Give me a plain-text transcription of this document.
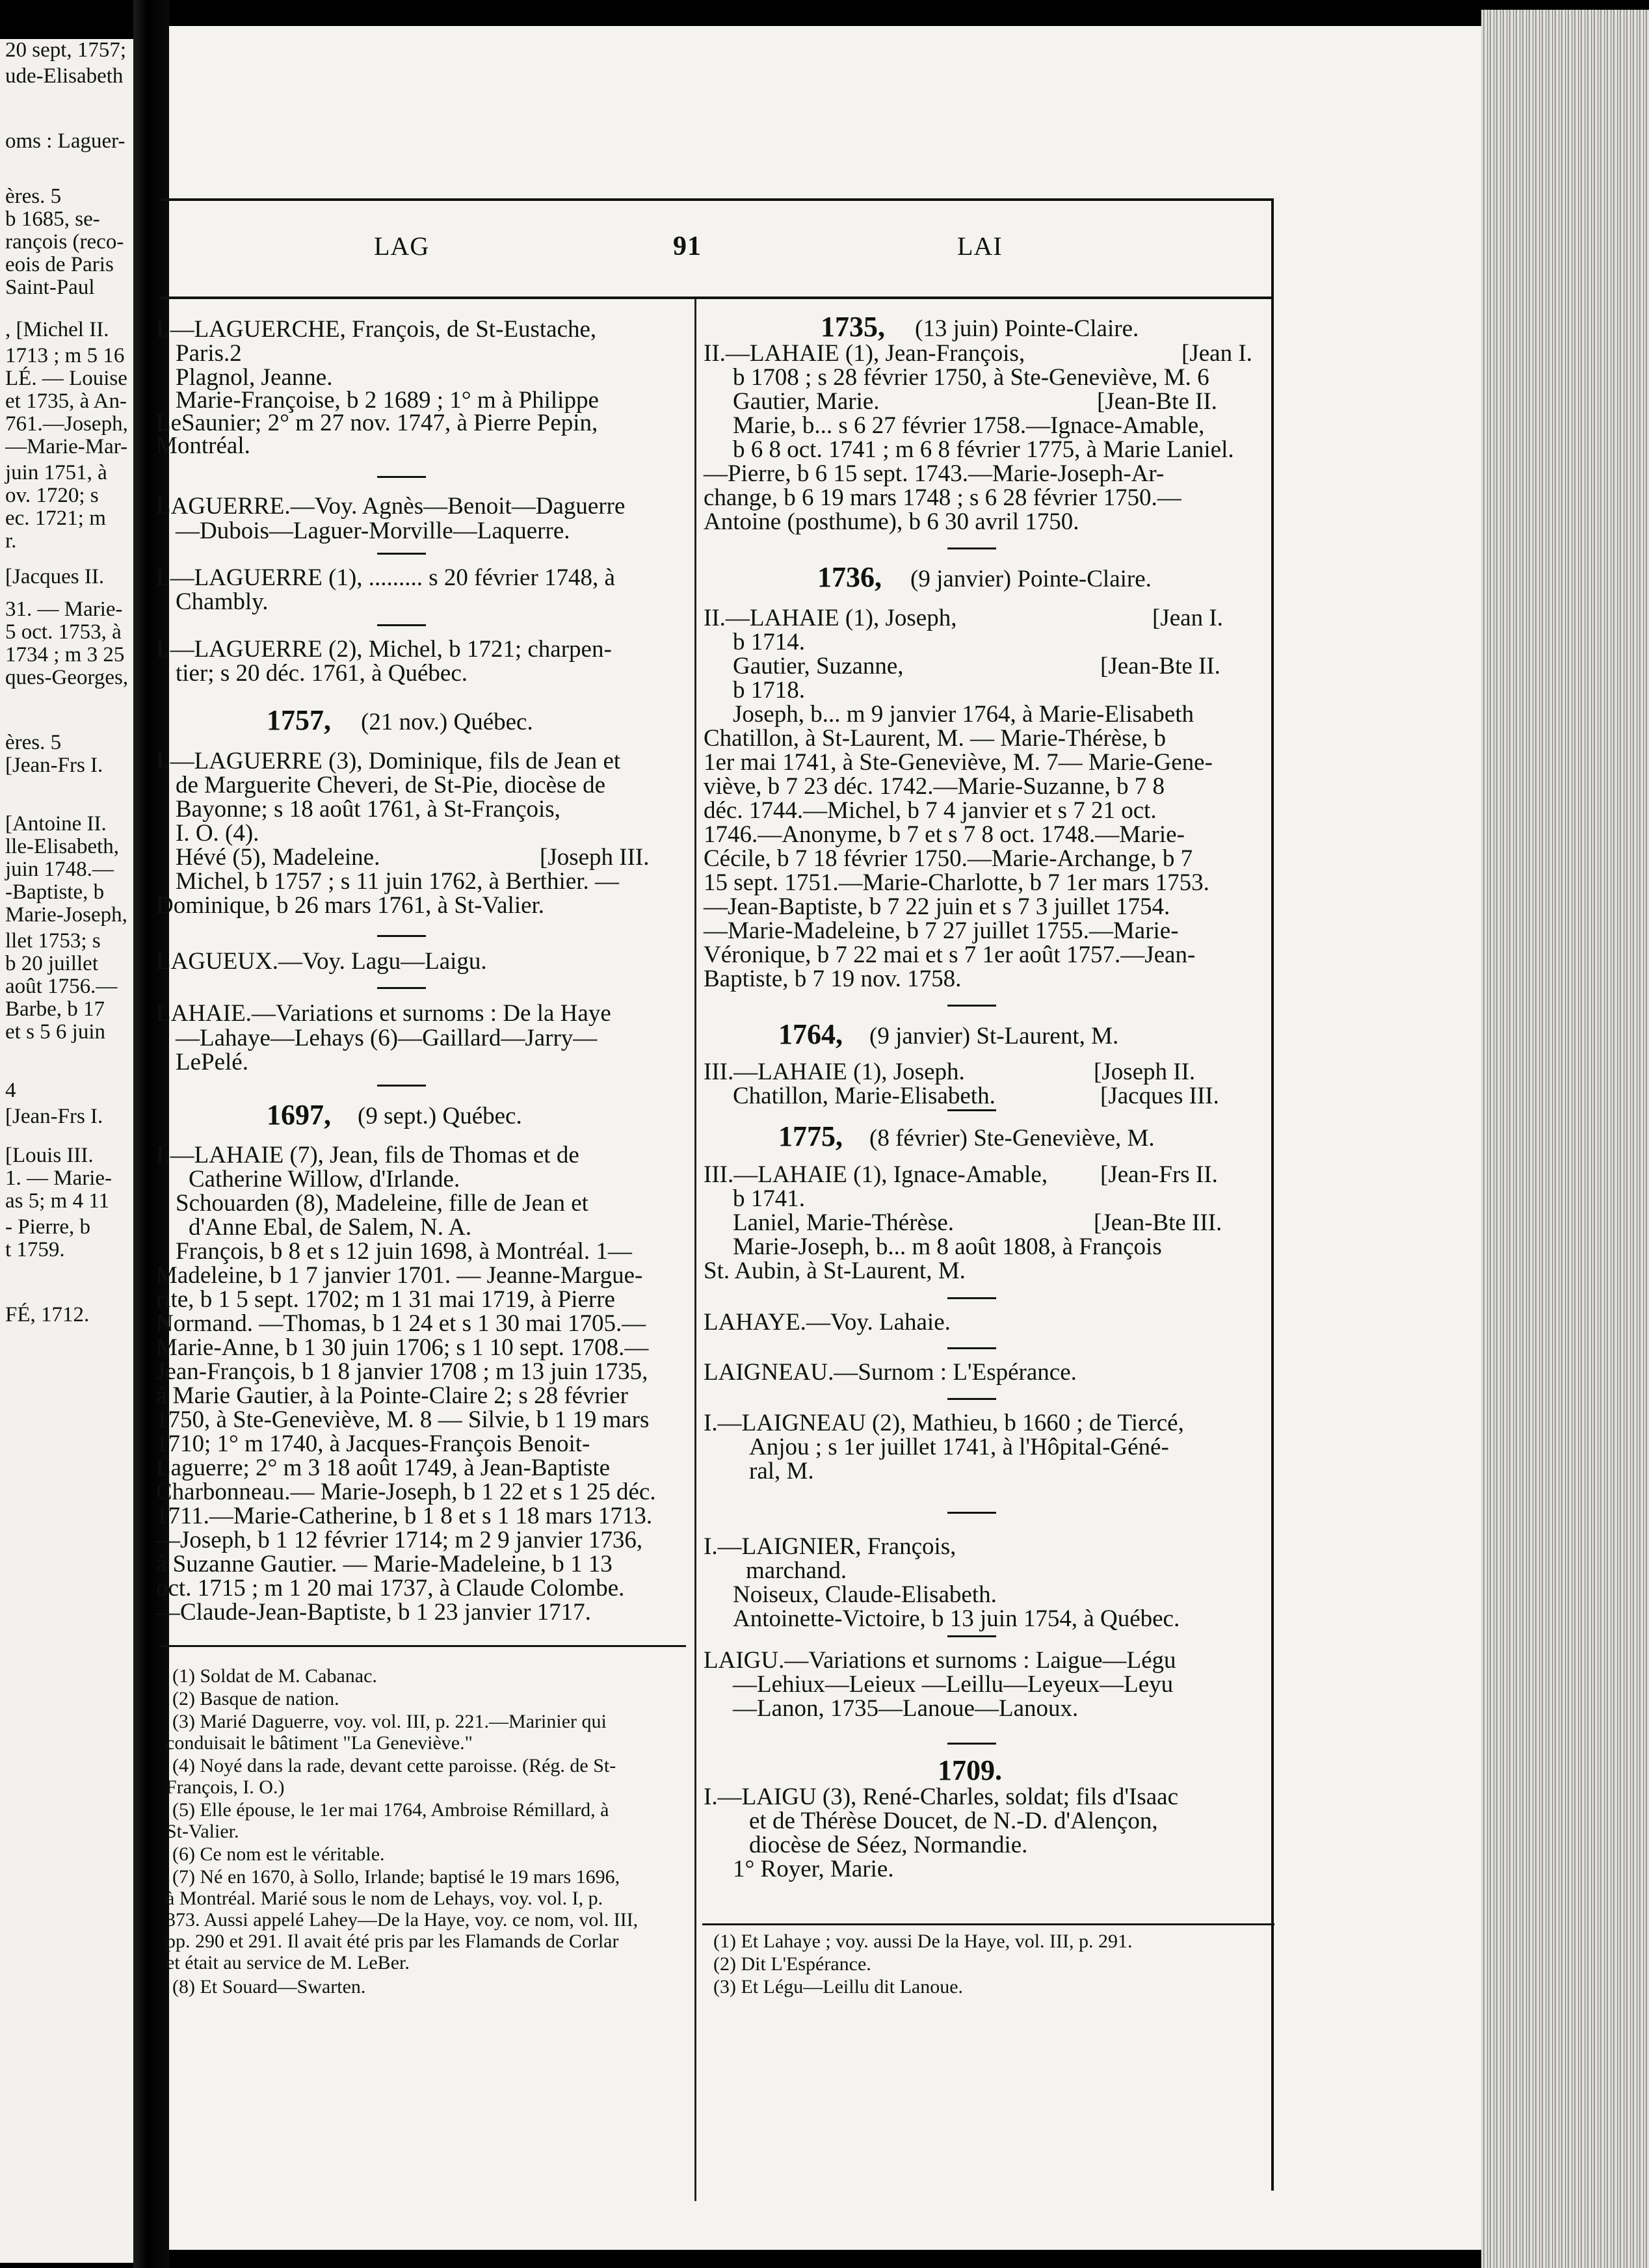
20 sept, 1757;
ude-Elisabeth
oms : Laguer-
ères. 5
b 1685, se-
rançois (reco-
eois de Paris
Saint-Paul
, [Michel II.
1713 ; m 5 16
LÉ. — Louise
et 1735, à An-
761.—Joseph,
—Marie-Mar-
juin 1751, à
ov. 1720; s
ec. 1721; m
r.
[Jacques II.
31. — Marie-
5 oct. 1753, à
1734 ; m 3 25
ques-Georges,
ères. 5
[Jean-Frs I.
[Antoine II.
lle-Elisabeth,
juin 1748.—
-Baptiste, b
Marie-Joseph,
llet 1753; s
b 20 juillet
août 1756.—
Barbe, b 17
et s 5 6 juin
4
[Jean-Frs I.
[Louis III.
1. — Marie-
as 5; m 4 11
- Pierre, b
t 1759.
FÉ, 1712.
LAG	91	LAI
I.—LAGUERCHE, François, de St-Eustache,
Paris.2
Plagnol, Jeanne.
Marie-Françoise, b 2 1689 ; 1° m à Philippe
LeSaunier; 2° m 27 nov. 1747, à Pierre Pepin,
Montréal.
LAGUERRE.—Voy. Agnès—Benoit—Daguerre
—Dubois—Laguer-Morville—Laquerre.
I.—LAGUERRE (1), ......... s 20 février 1748, à
Chambly.
I.—LAGUERRE (2), Michel, b 1721; charpen-
tier; s 20 déc. 1761, à Québec.
1757, (21 nov.) Québec.
I.—LAGUERRE (3), Dominique, fils de Jean et
de Marguerite Cheveri, de St-Pie, diocèse de
Bayonne; s 18 août 1761, à St-François,
I. O. (4).
Hévé (5), Madeleine.	[Joseph III.
Michel, b 1757 ; s 11 juin 1762, à Berthier. —
Dominique, b 26 mars 1761, à St-Valier.
LAGUEUX.—Voy. Lagu—Laigu.
LAHAIE.—Variations et surnoms : De la Haye
—Lahaye—Lehays (6)—Gaillard—Jarry—
LePelé.
1697, (9 sept.) Québec.
I.—LAHAIE (7), Jean, fils de Thomas et de
Catherine Willow, d'Irlande.
Schouarden (8), Madeleine, fille de Jean et
d'Anne Ebal, de Salem, N. A.
François, b 8 et s 12 juin 1698, à Montréal. 1—
Madeleine, b 1 7 janvier 1701. — Jeanne-Margue-
rite, b 1 5 sept. 1702; m 1 31 mai 1719, à Pierre
Normand. —Thomas, b 1 24 et s 1 30 mai 1705.—
Marie-Anne, b 1 30 juin 1706; s 1 10 sept. 1708.—
Jean-François, b 1 8 janvier 1708 ; m 13 juin 1735,
à Marie Gautier, à la Pointe-Claire 2; s 28 février
1750, à Ste-Geneviève, M. 8 — Silvie, b 1 19 mars
1710; 1° m 1740, à Jacques-François Benoit-
Laguerre; 2° m 3 18 août 1749, à Jean-Baptiste
Charbonneau.— Marie-Joseph, b 1 22 et s 1 25 déc.
1711.—Marie-Catherine, b 1 8 et s 1 18 mars 1713.
—Joseph, b 1 12 février 1714; m 2 9 janvier 1736,
à Suzanne Gautier. — Marie-Madeleine, b 1 13
oct. 1715 ; m 1 20 mai 1737, à Claude Colombe.
—Claude-Jean-Baptiste, b 1 23 janvier 1717.
(1) Soldat de M. Cabanac.
(2) Basque de nation.
(3) Marié Daguerre, voy. vol. III, p. 221.—Marinier qui
conduisait le bâtiment "La Geneviève."
(4) Noyé dans la rade, devant cette paroisse. (Rég. de St-
François, I. O.)
(5) Elle épouse, le 1er mai 1764, Ambroise Rémillard, à
St-Valier.
(6) Ce nom est le véritable.
(7) Né en 1670, à Sollo, Irlande; baptisé le 19 mars 1696,
à Montréal. Marié sous le nom de Lehays, voy. vol. I, p.
373. Aussi appelé Lahey—De la Haye, voy. ce nom, vol. III,
pp. 290 et 291. Il avait été pris par les Flamands de Corlar
et était au service de M. LeBer.
(8) Et Souard—Swarten.
1735, (13 juin) Pointe-Claire.
II.—LAHAIE (1), Jean-François,	[Jean I.
b 1708 ; s 28 février 1750, à Ste-Geneviève, M. 6
Gautier, Marie.	[Jean-Bte II.
Marie, b... s 6 27 février 1758.—Ignace-Amable,
b 6 8 oct. 1741 ; m 6 8 février 1775, à Marie Laniel.
—Pierre, b 6 15 sept. 1743.—Marie-Joseph-Ar-
change, b 6 19 mars 1748 ; s 6 28 février 1750.—
Antoine (posthume), b 6 30 avril 1750.
1736, (9 janvier) Pointe-Claire.
II.—LAHAIE (1), Joseph,	[Jean I.
b 1714.
Gautier, Suzanne,	[Jean-Bte II.
b 1718.
Joseph, b... m 9 janvier 1764, à Marie-Elisabeth
Chatillon, à St-Laurent, M. — Marie-Thérèse, b
1er mai 1741, à Ste-Geneviève, M. 7— Marie-Gene-
viève, b 7 23 déc. 1742.—Marie-Suzanne, b 7 8
déc. 1744.—Michel, b 7 4 janvier et s 7 21 oct.
1746.—Anonyme, b 7 et s 7 8 oct. 1748.—Marie-
Cécile, b 7 18 février 1750.—Marie-Archange, b 7
15 sept. 1751.—Marie-Charlotte, b 7 1er mars 1753.
—Jean-Baptiste, b 7 22 juin et s 7 3 juillet 1754.
—Marie-Madeleine, b 7 27 juillet 1755.—Marie-
Véronique, b 7 22 mai et s 7 1er août 1757.—Jean-
Baptiste, b 7 19 nov. 1758.
1764, (9 janvier) St-Laurent, M.
III.—LAHAIE (1), Joseph.	[Joseph II.
Chatillon, Marie-Elisabeth.	[Jacques III.
1775, (8 février) Ste-Geneviève, M.
III.—LAHAIE (1), Ignace-Amable, [Jean-Frs II.
b 1741.
Laniel, Marie-Thérèse.	[Jean-Bte III.
Marie-Joseph, b... m 8 août 1808, à François
St. Aubin, à St-Laurent, M.
LAHAYE.—Voy. Lahaie.
LAIGNEAU.—Surnom : L'Espérance.
I.—LAIGNEAU (2), Mathieu, b 1660 ; de Tiercé,
Anjou ; s 1er juillet 1741, à l'Hôpital-Géné-
ral, M.
I.—LAIGNIER, François,
marchand.
Noiseux, Claude-Elisabeth.
Antoinette-Victoire, b 13 juin 1754, à Québec.
LAIGU.—Variations et surnoms : Laigue—Légu
—Lehiux—Leieux —Leillu—Leyeux—Leyu
—Lanon, 1735—Lanoue—Lanoux.
1709.
I.—LAIGU (3), René-Charles, soldat; fils d'Isaac
et de Thérèse Doucet, de N.-D. d'Alençon,
diocèse de Séez, Normandie.
1° Royer, Marie.
(1) Et Lahaye ; voy. aussi De la Haye, vol. III, p. 291.
(2) Dit L'Espérance.
(3) Et Légu—Leillu dit Lanoue.
